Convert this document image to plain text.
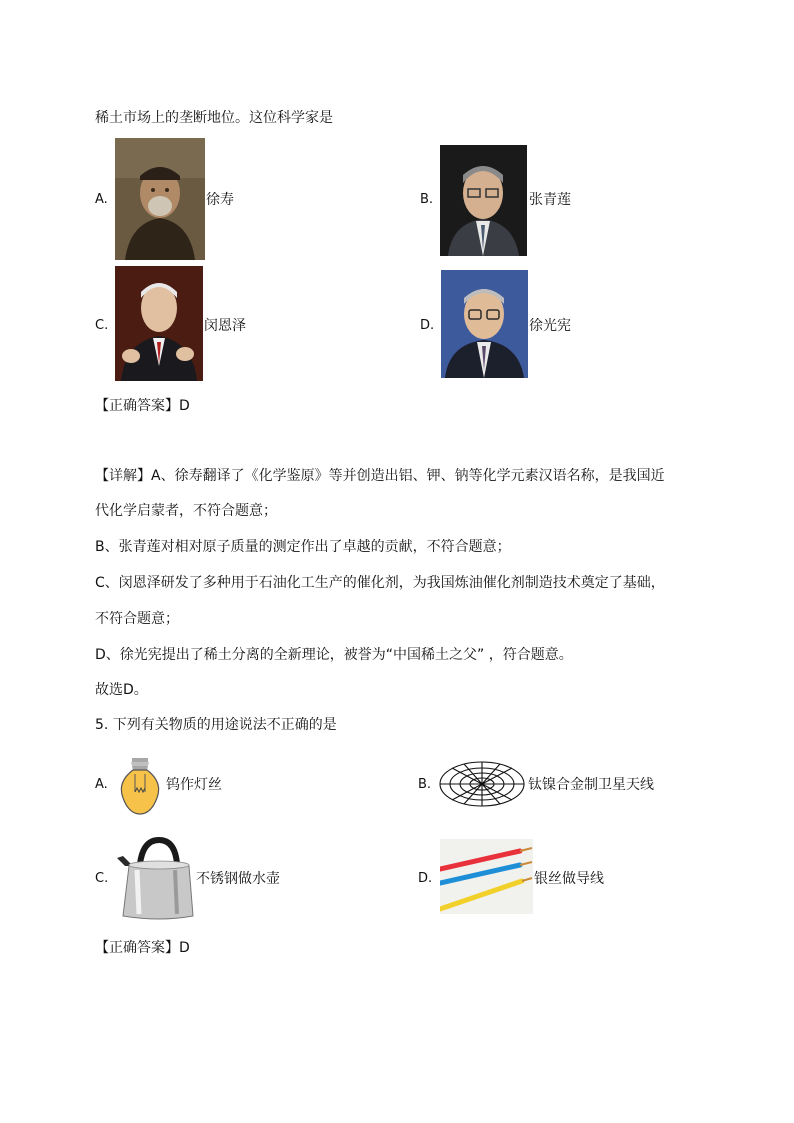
稀土市场上的垄断地位。这位科学家是
A.	徐寿	B.	张青莲
C.	闵恩泽	D.	徐光宪
【正确答案】D
【详解】A、徐寿翻译了《化学鉴原》等并创造出铝、钾、钠等化学元素汉语名称，是我国近
代化学启蒙者，不符合题意；
B、张青莲对相对原子质量的测定作出了卓越的贡献，不符合题意；
C、闵恩泽研发了多种用于石油化工生产的催化剂，为我国炼油催化剂制造技术奠定了基础，
不符合题意；
D、徐光宪提出了稀土分离的全新理论，被誉为“中国稀土之父” ，符合题意。
故选D。
5. 下列有关物质的用途说法不正确的是
A.	钨作灯丝	B.	钛镍合金制卫星天线
C.	不锈钢做水壶	D.	银丝做导线
【正确答案】D
